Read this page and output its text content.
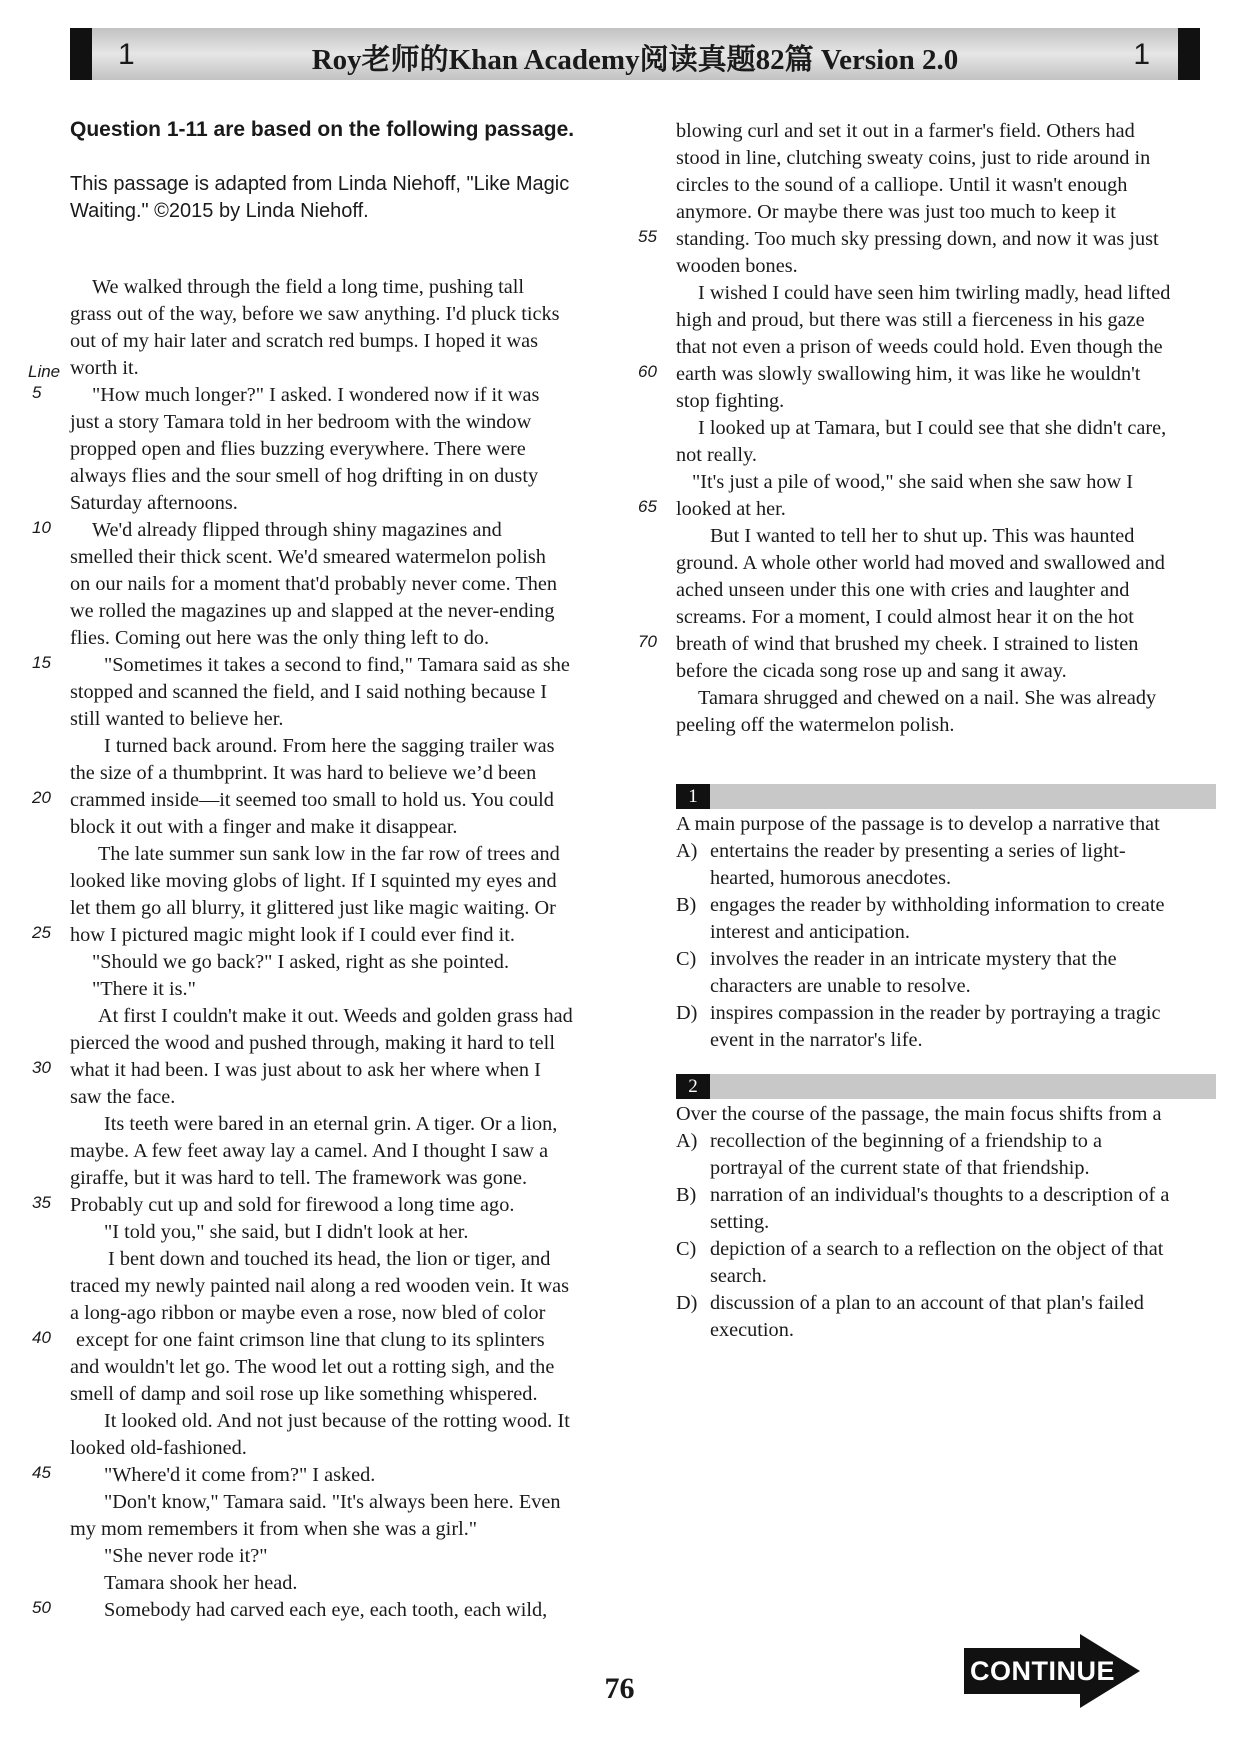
1	Roy老师的Khan Academy阅读真题82篇 Version 2.0	1
Question 1-11 are based on the following passage.
This passage is adapted from Linda Niehoff, "Like Magic
Waiting." ©2015 by Linda Niehoff.
We walked through the field a long time, pushing tall
grass out of the way, before we saw anything. I'd pluck ticks
out of my hair later and scratch red bumps. I hoped it was
Line worth it.
5 "How much longer?" I asked. I wondered now if it was
just a story Tamara told in her bedroom with the window
propped open and flies buzzing everywhere. There were
always flies and the sour smell of hog drifting in on dusty
Saturday afternoons.
10 We'd already flipped through shiny magazines and
smelled their thick scent. We'd smeared watermelon polish
on our nails for a moment that'd probably never come. Then
we rolled the magazines up and slapped at the never-ending
flies. Coming out here was the only thing left to do.
15	"Sometimes it takes a second to find," Tamara said as she
stopped and scanned the field, and I said nothing because I
still wanted to believe her.
I turned back around. From here the sagging trailer was
the size of a thumbprint. It was hard to believe we’d been
20 crammed inside—it seemed too small to hold us. You could
block it out with a finger and make it disappear.
The late summer sun sank low in the far row of trees and
looked like moving globs of light. If I squinted my eyes and
let them go all blurry, it glittered just like magic waiting. Or
25 how I pictured magic might look if I could ever find it.
"Should we go back?" I asked, right as she pointed.
"There it is."
At first I couldn't make it out. Weeds and golden grass had
pierced the wood and pushed through, making it hard to tell
30 what it had been. I was just about to ask her where when I
saw the face.
Its teeth were bared in an eternal grin. A tiger. Or a lion,
maybe. A few feet away lay a camel. And I thought I saw a
giraffe, but it was hard to tell. The framework was gone.
35 Probably cut up and sold for firewood a long time ago.
"I told you," she said, but I didn't look at her.
I bent down and touched its head, the lion or tiger, and
traced my newly painted nail along a red wooden vein. It was
a long-ago ribbon or maybe even a rose, now bled of color
40 except for one faint crimson line that clung to its splinters
and wouldn't let go. The wood let out a rotting sigh, and the
smell of damp and soil rose up like something whispered.
It looked old. And not just because of the rotting wood. It
looked old-fashioned.
45	"Where'd it come from?" I asked.
"Don't know," Tamara said. "It's always been here. Even
my mom remembers it from when she was a girl."
"She never rode it?"
Tamara shook her head.
50	Somebody had carved each eye, each tooth, each wild,
blowing curl and set it out in a farmer's field. Others had
stood in line, clutching sweaty coins, just to ride around in
circles to the sound of a calliope. Until it wasn't enough
anymore. Or maybe there was just too much to keep it
55 standing. Too much sky pressing down, and now it was just
wooden bones.
I wished I could have seen him twirling madly, head lifted
high and proud, but there was still a fierceness in his gaze
that not even a prison of weeds could hold. Even though the
60 earth was slowly swallowing him, it was like he wouldn't
stop fighting.
I looked up at Tamara, but I could see that she didn't care,
not really.
"It's just a pile of wood," she said when she saw how I
65 looked at her.
But I wanted to tell her to shut up. This was haunted
ground. A whole other world had moved and swallowed and
ached unseen under this one with cries and laughter and
screams. For a moment, I could almost hear it on the hot
70 breath of wind that brushed my cheek. I strained to listen
before the cicada song rose up and sang it away.
Tamara shrugged and chewed on a nail. She was already
peeling off the watermelon polish.
1
A main purpose of the passage is to develop a narrative that
A) entertains the reader by presenting a series of light-
hearted, humorous anecdotes.
B) engages the reader by withholding information to create
interest and anticipation.
C) involves the reader in an intricate mystery that the
characters are unable to resolve.
D) inspires compassion in the reader by portraying a tragic
event in the narrator's life.
2
Over the course of the passage, the main focus shifts from a
A) recollection of the beginning of a friendship to a
portrayal of the current state of that friendship.
B) narration of an individual's thoughts to a description of a
setting.
C) depiction of a search to a reflection on the object of that
search.
D) discussion of a plan to an account of that plan's failed
execution.
76
CONTINUE
